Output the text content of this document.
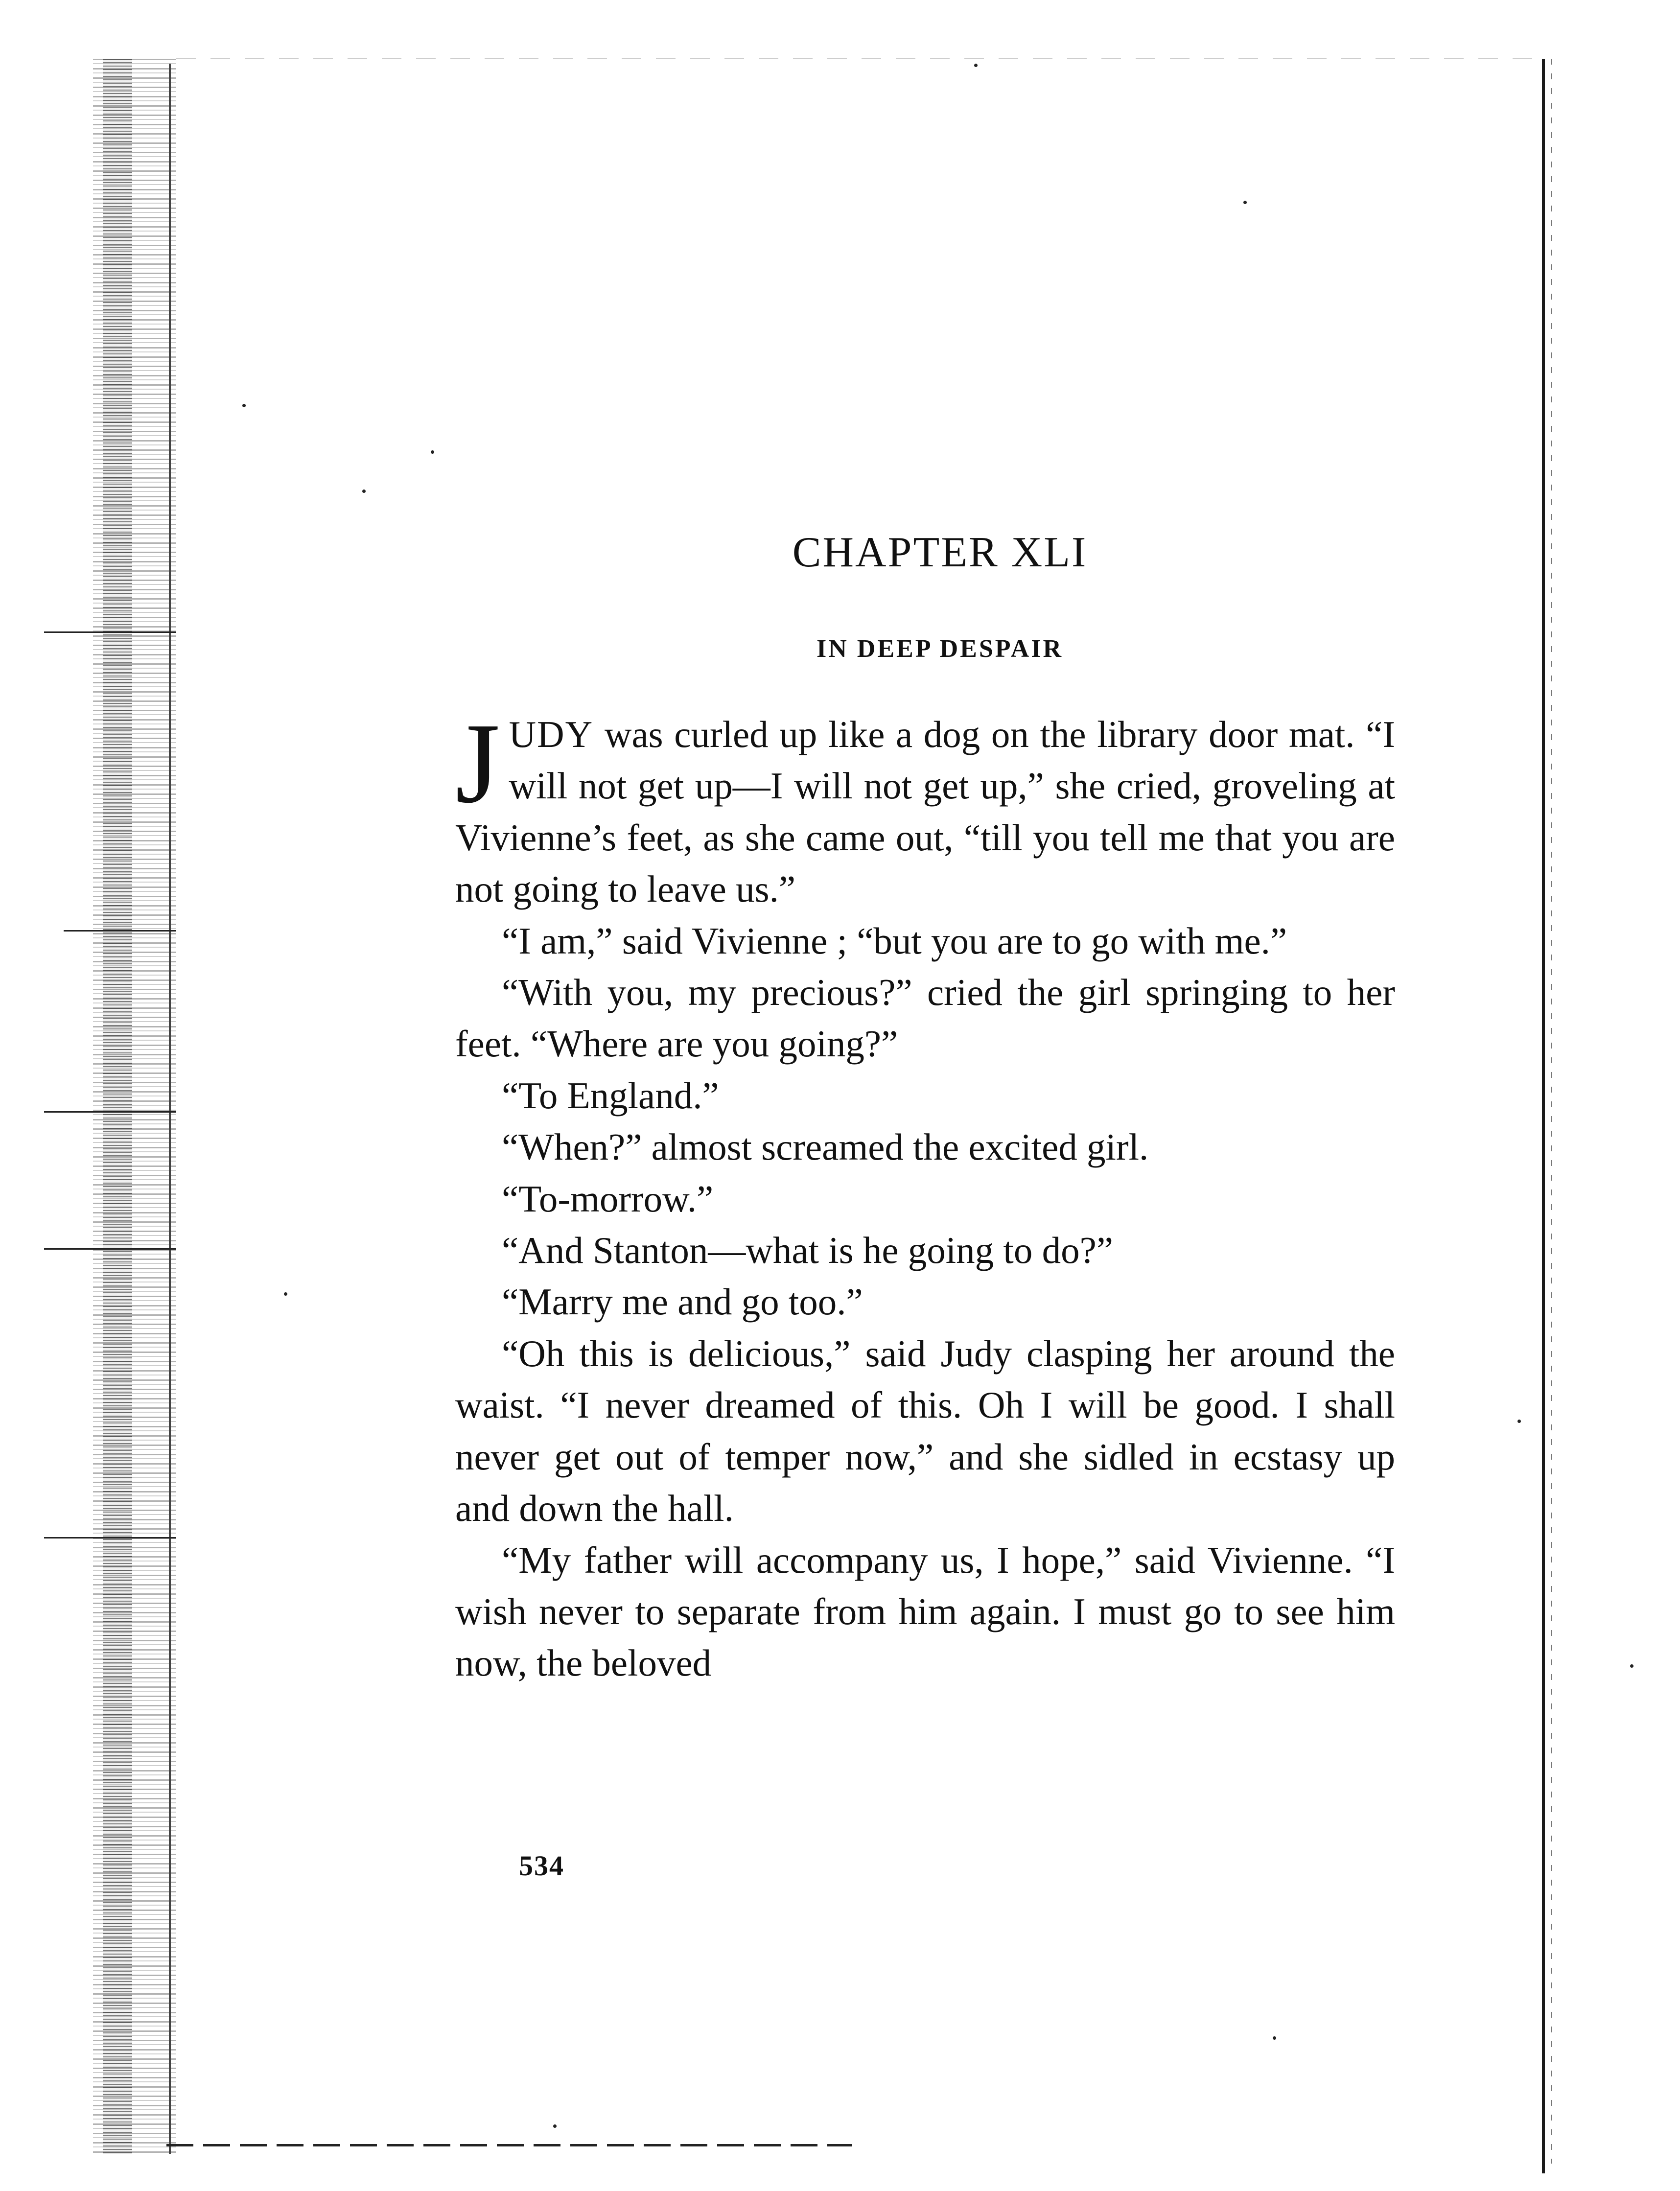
CHAPTER XLI
IN DEEP DESPAIR

JUDY was curled up like a dog on the library door mat. “I will not get up—I will not get up,” she cried, groveling at Vivienne’s feet, as she came out, “till you tell me that you are not going to leave us.”

“I am,” said Vivienne ; “but you are to go with me.”

“With you, my precious?” cried the girl springing to her feet. “Where are you going?”

“To England.”

“When?” almost screamed the excited girl.

“To-morrow.”

“And Stanton—what is he going to do?”

“Marry me and go too.”

“Oh this is delicious,” said Judy clasping her around the waist. “I never dreamed of this. Oh I will be good. I shall never get out of temper now,” and she sidled in ecstasy up and down the hall.

“My father will accompany us, I hope,” said Vivienne. “I wish never to separate from him again. I must go to see him now, the beloved

534
